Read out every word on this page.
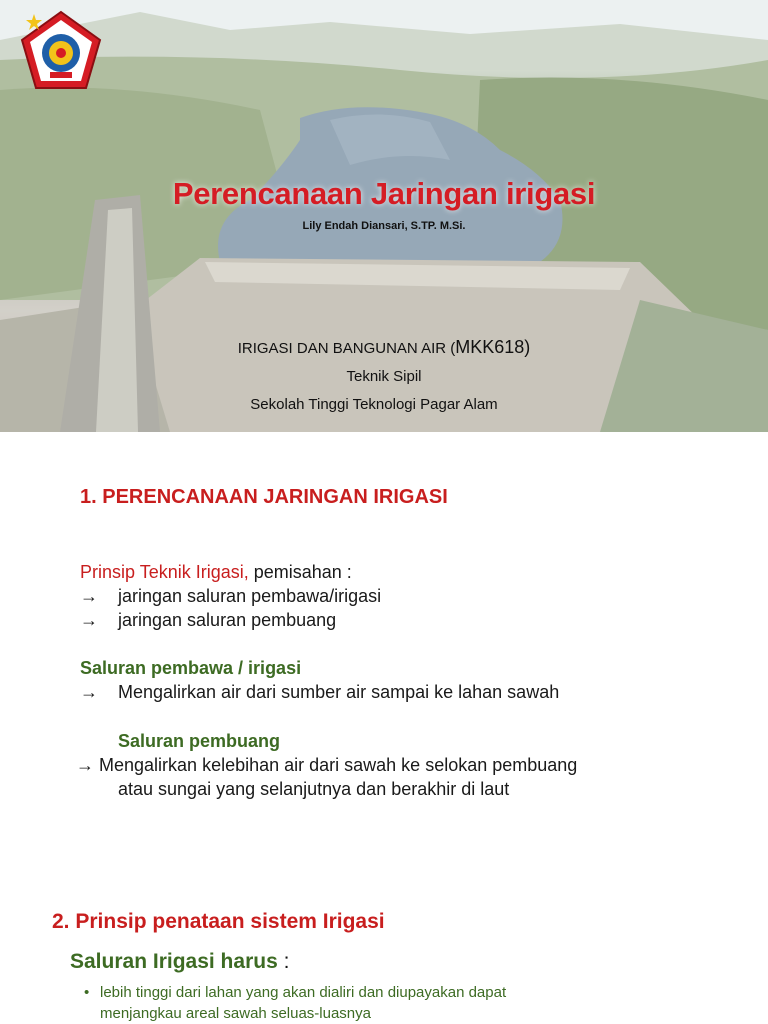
Perencanaan Jaringan irigasi
Lily Endah Diansari, S.TP. M.Si.
IRIGASI DAN BANGUNAN AIR (MKK618)
Teknik Sipil
Sekolah Tinggi Teknologi Pagar Alam
1. PERENCANAAN JARINGAN IRIGASI
Prinsip Teknik Irigasi, pemisahan :
→ jaringan saluran pembawa/irigasi
→ jaringan saluran pembuang
Saluran pembawa / irigasi
→ Mengalirkan air dari sumber air sampai ke lahan sawah
Saluran pembuang
→ Mengalirkan kelebihan air dari sawah ke selokan pembuang
atau sungai yang selanjutnya dan berakhir di laut
2. Prinsip penataan sistem Irigasi
Saluran Irigasi harus :
• lebih tinggi dari lahan yang akan dialiri dan diupayakan dapat
menjangkau areal sawah seluas-luasnya
